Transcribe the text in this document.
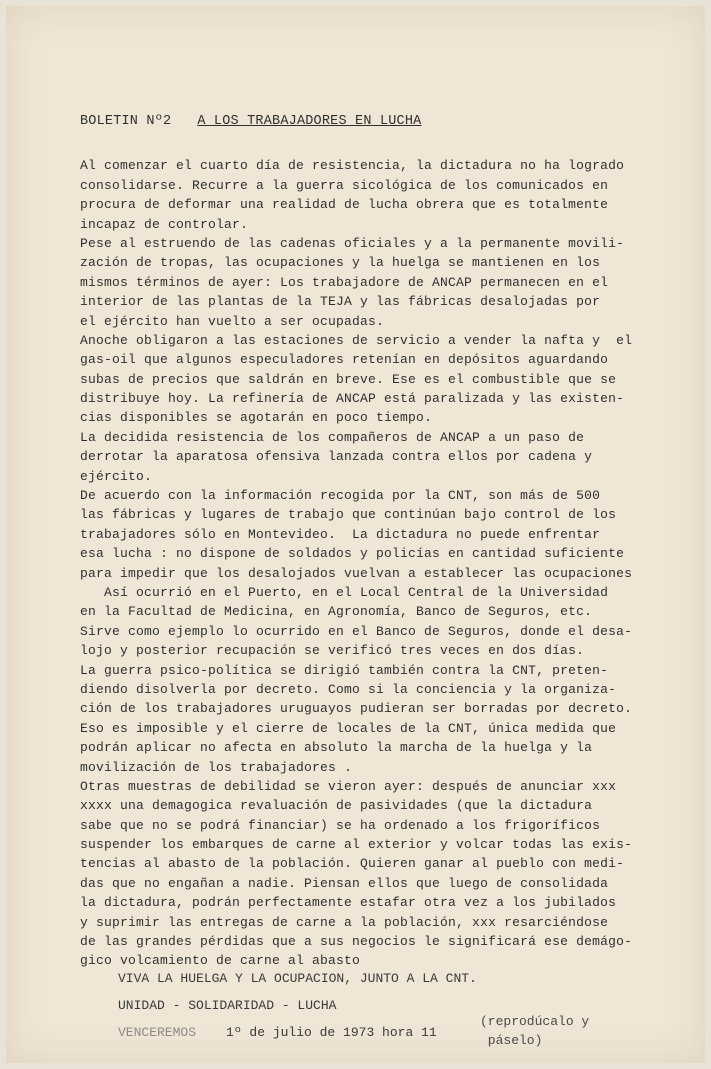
BOLETIN Nº2 A LOS TRABAJADORES EN LUCHA
Al comenzar el cuarto día de resistencia, la dictadura no ha logrado
consolidarse. Recurre a la guerra sicológica de los comunicados en
procura de deformar una realidad de lucha obrera que es totalmente
incapaz de controlar.
Pese al estruendo de las cadenas oficiales y a la permanente movili-
zación de tropas, las ocupaciones y la huelga se mantienen en los
mismos términos de ayer: Los trabajadore de ANCAP permanecen en el
interior de las plantas de la TEJA y las fábricas desalojadas por
el ejército han vuelto a ser ocupadas.
Anoche obligaron a las estaciones de servicio a vender la nafta y  el
gas-oil que algunos especuladores retenían en depósitos aguardando
subas de precios que saldrán en breve. Ese es el combustible que se
distribuye hoy. La refinería de ANCAP está paralizada y las existen-
cias disponibles se agotarán en poco tiempo.
La decidida resistencia de los compañeros de ANCAP a un paso de
derrotar la aparatosa ofensiva lanzada contra ellos por cadena y
ejército.
De acuerdo con la información recogida por la CNT, son más de 500
las fábricas y lugares de trabajo que continúan bajo control de los
trabajadores sólo en Montevideo.  La dictadura no puede enfrentar
esa lucha : no dispone de soldados y policías en cantidad suficiente
para impedir que los desalojados vuelvan a establecer las ocupaciones
Así ocurrió en el Puerto, en el Local Central de la Universidad
en la Facultad de Medicina, en Agronomía, Banco de Seguros, etc.
Sirve como ejemplo lo ocurrido en el Banco de Seguros, donde el desa-
lojo y posterior recupación se verificó tres veces en dos días.
La guerra psico-política se dirigió también contra la CNT, preten-
diendo disolverla por decreto. Como si la conciencia y la organiza-
ción de los trabajadores uruguayos pudieran ser borradas por decreto.
Eso es imposible y el cierre de locales de la CNT, única medida que
podrán aplicar no afecta en absoluto la marcha de la huelga y la
movilización de los trabajadores .
Otras muestras de debilidad se vieron ayer: después de anunciar xxx
xxxx una demagogica revaluación de pasividades (que la dictadura
sabe que no se podrá financiar) se ha ordenado a los frigoríficos
suspender los embarques de carne al exterior y volcar todas las exis-
tencias al abasto de la población. Quieren ganar al pueblo con medi-
das que no engañan a nadie. Piensan ellos que luego de consolidada
la dictadura, podrán perfectamente estafar otra vez a los jubilados
y suprimir las entregas de carne a la población, xxx resarciéndose
de las grandes pérdidas que a sus negocios le significará ese demágo-
gico volcamiento de carne al abasto
VIVA LA HUELGA Y LA OCUPACION, JUNTO A LA CNT.
UNIDAD - SOLIDARIDAD - LUCHA
VENCEREMOS 1º de julio de 1973 hora 11
(reprodúcalo y
páselo)
